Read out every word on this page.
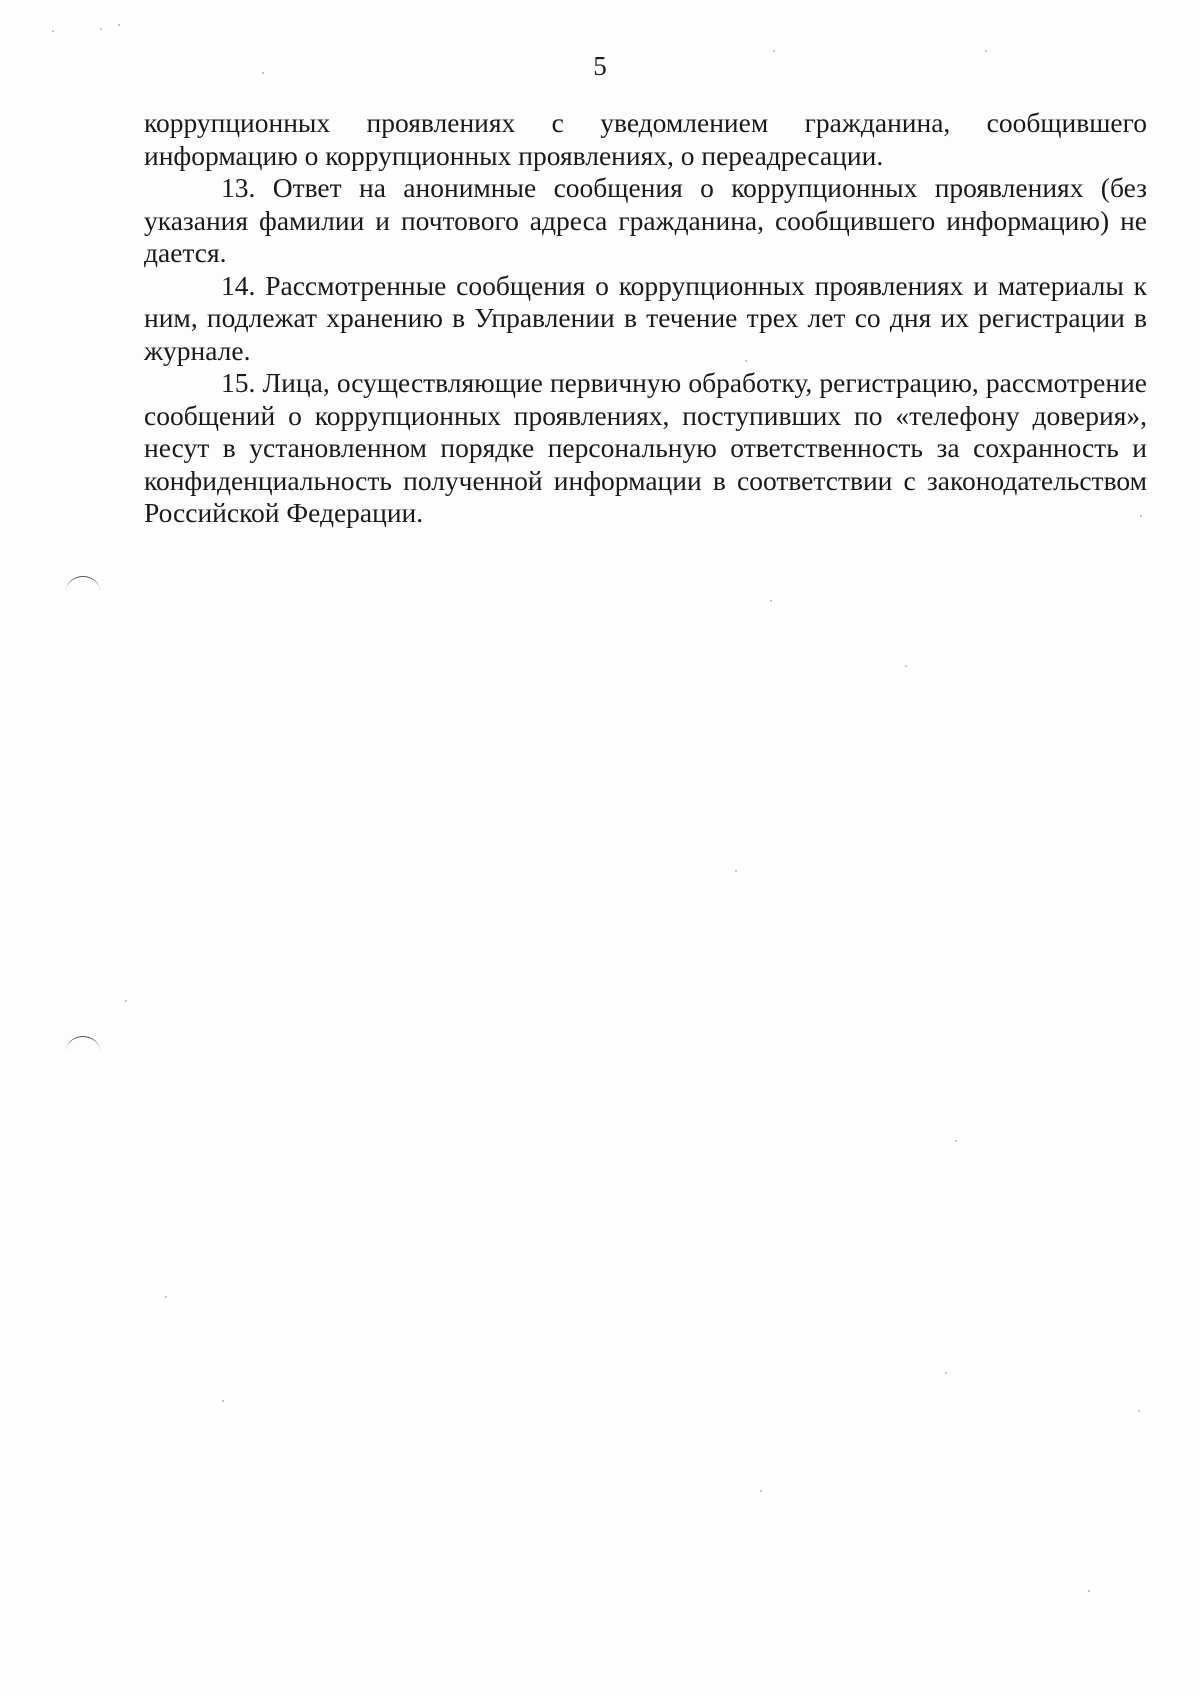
5

коррупционных проявлениях с уведомлением гражданина, сообщившего информацию о коррупционных проявлениях, о переадресации.

13. Ответ на анонимные сообщения о коррупционных проявлениях (без указания фамилии и почтового адреса гражданина, сообщившего информацию) не дается.

14. Рассмотренные сообщения о коррупционных проявлениях и материалы к ним, подлежат хранению в Управлении в течение трех лет со дня их регистрации в журнале.

15. Лица, осуществляющие первичную обработку, регистрацию, рассмотрение сообщений о коррупционных проявлениях, поступивших по «телефону доверия», несут в установленном порядке персональную ответственность за сохранность и конфиденциальность полученной информации в соответствии с законодательством Российской Федерации.
